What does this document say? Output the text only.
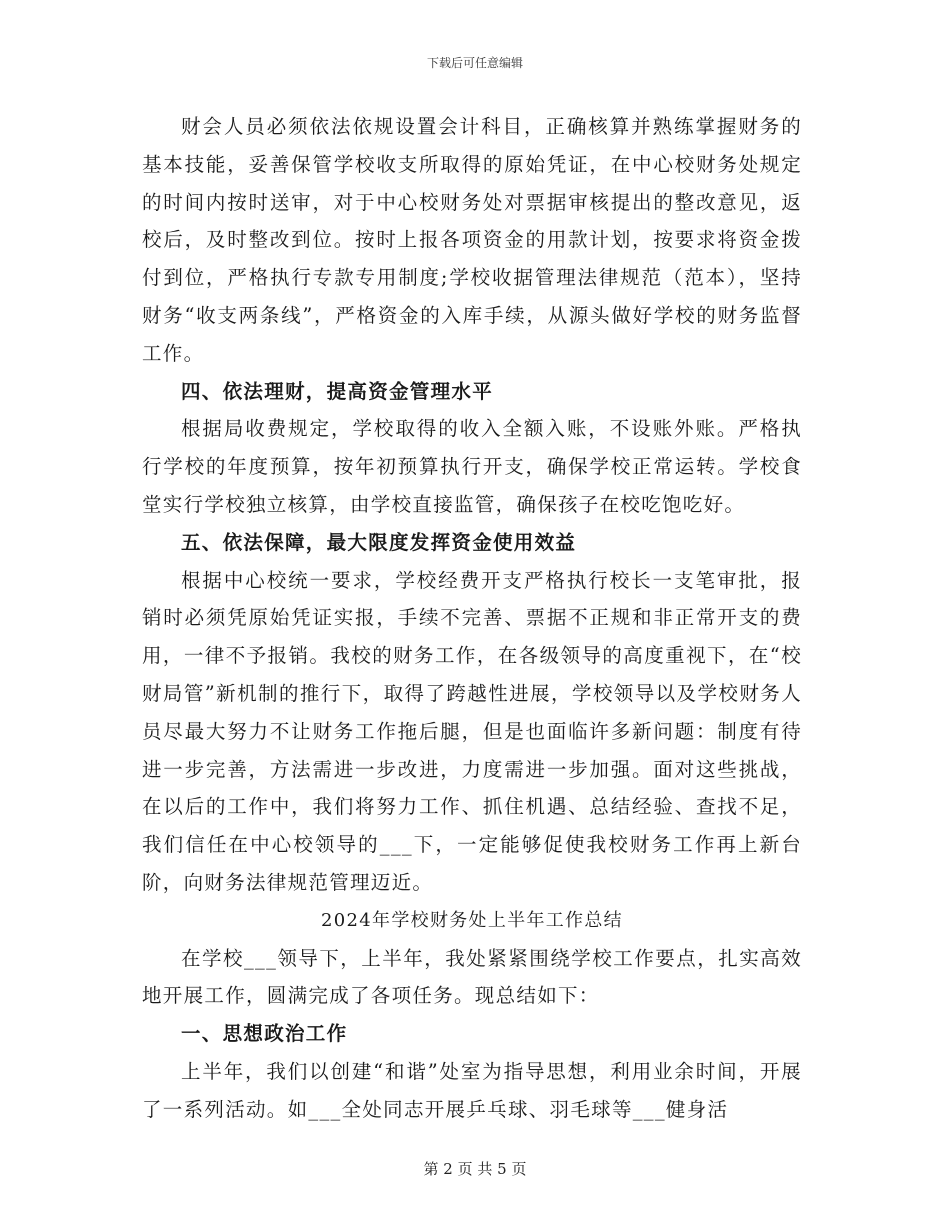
下载后可任意编辑

财会人员必须依法依规设置会计科目，正确核算并熟练掌握财务的基本技能，妥善保管学校收支所取得的原始凭证，在中心校财务处规定的时间内按时送审，对于中心校财务处对票据审核提出的整改意见，返校后，及时整改到位。按时上报各项资金的用款计划，按要求将资金拨付到位，严格执行专款专用制度;学校收据管理法律规范（范本），坚持财务“收支两条线”，严格资金的入库手续，从源头做好学校的财务监督工作。

四、依法理财，提高资金管理水平

根据局收费规定，学校取得的收入全额入账，不设账外账。严格执行学校的年度预算，按年初预算执行开支，确保学校正常运转。学校食堂实行学校独立核算，由学校直接监管，确保孩子在校吃饱吃好。

五、依法保障，最大限度发挥资金使用效益

根据中心校统一要求，学校经费开支严格执行校长一支笔审批，报销时必须凭原始凭证实报，手续不完善、票据不正规和非正常开支的费用，一律不予报销。我校的财务工作，在各级领导的高度重视下，在“校财局管”新机制的推行下，取得了跨越性进展，学校领导以及学校财务人员尽最大努力不让财务工作拖后腿，但是也面临许多新问题：制度有待进一步完善，方法需进一步改进，力度需进一步加强。面对这些挑战，在以后的工作中，我们将努力工作、抓住机遇、总结经验、查找不足，我们信任在中心校领导的___下，一定能够促使我校财务工作再上新台阶，向财务法律规范管理迈近。

2024年学校财务处上半年工作总结

在学校___领导下，上半年，我处紧紧围绕学校工作要点，扎实高效地开展工作，圆满完成了各项任务。现总结如下：

一、思想政治工作

上半年，我们以创建“和谐”处室为指导思想，利用业余时间，开展了一系列活动。如___全处同志开展乒乓球、羽毛球等___健身活

第 2 页 共 5 页
